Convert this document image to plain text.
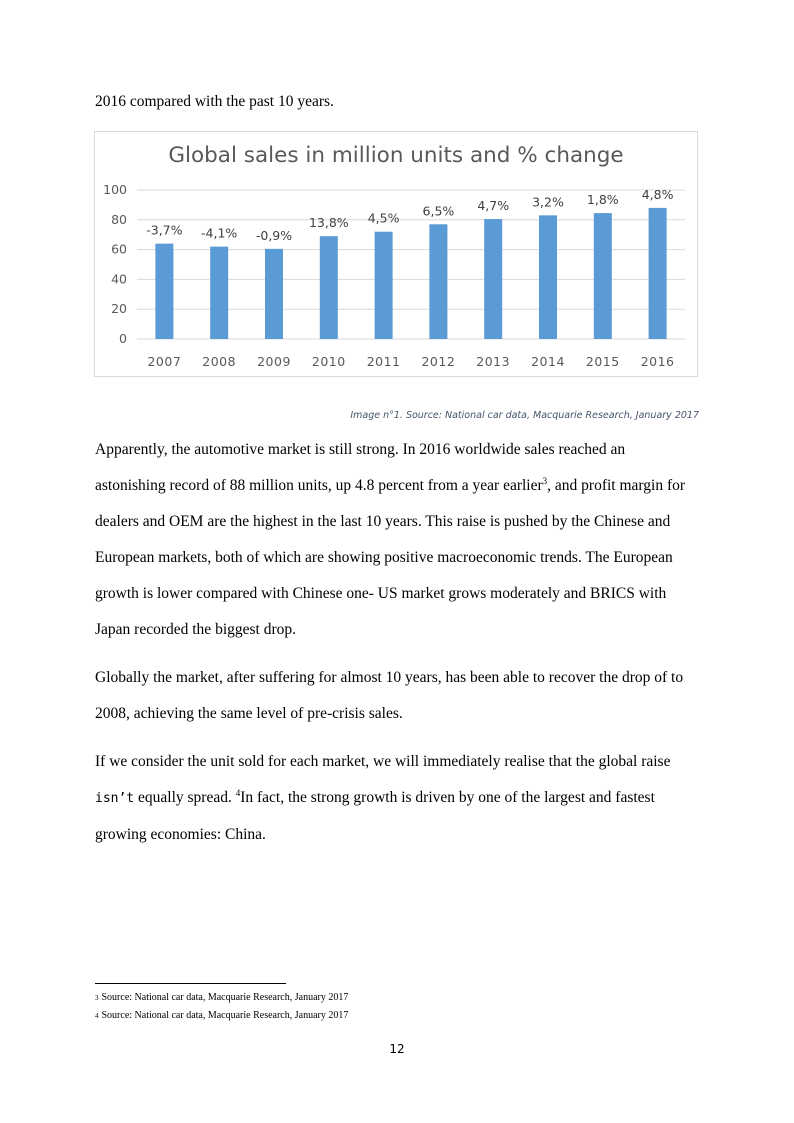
2016 compared with the past 10 years.

Global sales in million units and % change
0
20
40
60
80
100
2007
-3,7%
2008
-4,1%
2009
-0,9%
2010
13,8%
2011
4,5%
2012
6,5%
2013
4,7%
2014
3,2%
2015
1,8%
2016
4,8%

Image n°1. Source: National car data, Macquarie Research, January 2017

Apparently, the automotive market is still strong. In 2016 worldwide sales reached an astonishing record of 88 million units, up 4.8 percent from a year earlier$^3$, and profit margin for dealers and OEM are the highest in the last 10 years. This raise is pushed by the Chinese and European markets, both of which are showing positive macroeconomic trends. The European growth is lower compared with Chinese one- US market grows moderately and BRICS with Japan recorded the biggest drop.

Globally the market, after suffering for almost 10 years, has been able to recover the drop of to 2008, achieving the same level of pre-crisis sales.

If we consider the unit sold for each market, we will immediately realise that the global raise isn’t equally spread. $^4$In fact, the strong growth is driven by one of the largest and fastest growing economies: China.

3 Source: National car data, Macquarie Research, January 2017

4 Source: National car data, Macquarie Research, January 2017

12
